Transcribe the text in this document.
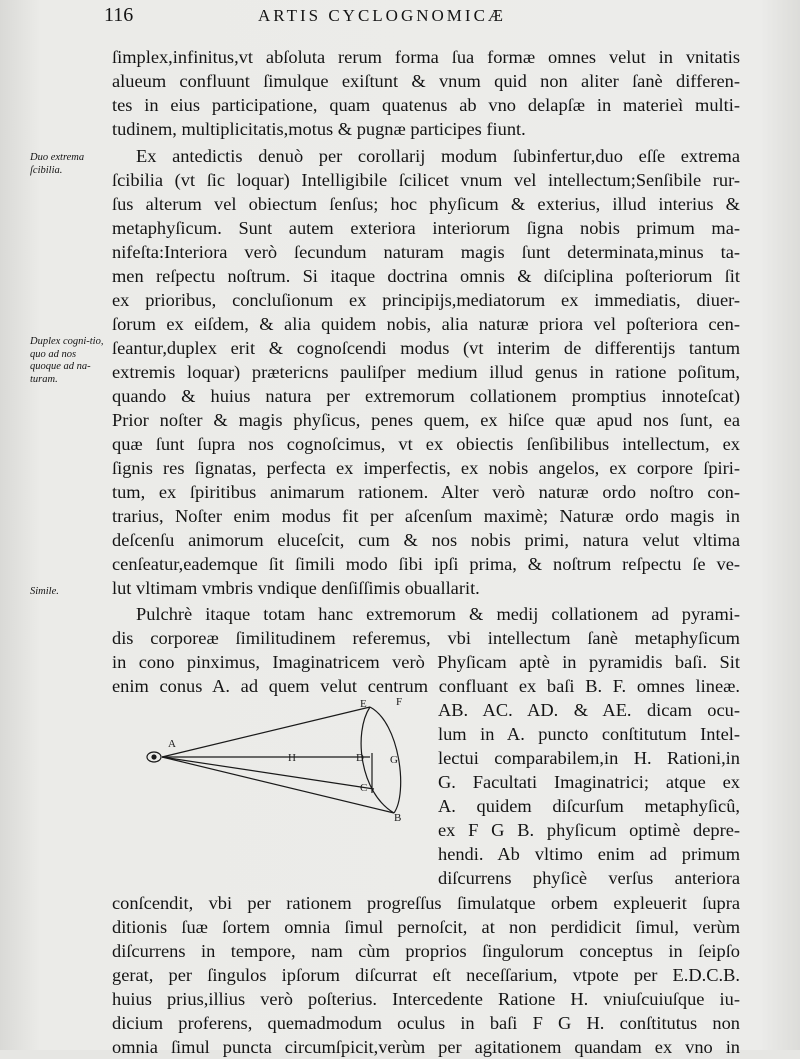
116	ARTIS CYCLOGNOMICÆ
Duo extrema ſcibilia.
Duplex cogni-tio, quo ad nos quoque ad na-turam.
Simile.
ſimplex,infinitus,vt abſoluta rerum forma ſua formæ omnes velut in vnitatis
alueum confluunt ſimulque exiſtunt & vnum quid non aliter ſanè differen-
tes in eius participatione, quam quatenus ab vno delapſæ in materieì multi-
tudinem, multiplicitatis,motus & pugnæ participes fiunt.
Ex antedictis denuò per corollarij modum ſubinfertur,duo eſſe extrema
ſcibilia (vt ſic loquar) Intelligibile ſcilicet vnum vel intellectum;Senſibile rur-
ſus alterum vel obiectum ſenſus; hoc phyſicum & exterius, illud interius &
metaphyſicum. Sunt autem exteriora interiorum ſigna nobis primum ma-
nifeſta:Interiora verò ſecundum naturam magis ſunt determinata,minus ta-
men reſpectu noſtrum. Si itaque doctrina omnis & diſciplina poſteriorum ſit
ex prioribus, concluſionum ex principijs,mediatorum ex immediatis, diuer-
ſorum ex eiſdem, & alia quidem nobis, alia naturæ priora vel poſteriora cen-
ſeantur,duplex erit & cognoſcendi modus (vt interim de differentijs tantum
extremis loquar) prætericns pauliſper medium illud genus in ratione poſitum,
quando & huius natura per extremorum collationem promptius innoteſcat)
Prior noſter & magis phyſicus, penes quem, ex hiſce quæ apud nos ſunt, ea
quæ ſunt ſupra nos cognoſcimus, vt ex obiectis ſenſibilibus intellectum, ex
ſignis res ſignatas, perfecta ex imperfectis, ex nobis angelos, ex corpore ſpiri-
tum, ex ſpiritibus animarum rationem. Alter verò naturæ ordo noſtro con-
trarius, Noſter enim modus fit per aſcenſum maximè; Naturæ ordo magis in
deſcenſu animorum eluceſcit, cum & nos nobis primi, natura velut vltima
cenſeatur,eademque ſit ſimili modo ſibi ipſi prima, & noſtrum reſpectu ſe ve-
lut vltimam vmbris vndique denſiſſimis obuallarit.
Pulchrè itaque totam hanc extremorum & medij collationem ad pyrami-
dis corporeæ ſimilitudinem referemus, vbi intellectum ſanè metaphyſicum
in cono pinximus, Imaginatricem verò Phyſicam aptè in pyramidis baſi. Sit
enim conus A. ad quem velut centrum confluant ex baſi B. F. omnes lineæ.
AB. AC. AD. & AE. dicam ocu-
lum in A. puncto conſtitutum Intel-
lectui comparabilem,in H. Rationi,in
G. Facultati Imaginatrici; atque ex
A. quidem diſcurſum metaphyſicû,
ex F G B. phyſicum optimè depre-
hendi. Ab vltimo enim ad primum
diſcurrens phyſicè verſus anteriora
conſcendit, vbi per rationem progreſſus ſimulatque orbem expleuerit ſupra
ditionis ſuæ ſortem omnia ſimul pernoſcit, at non perdidicit ſimul, verùm
diſcurrens in tempore, nam cùm proprios ſingulorum conceptus in ſeipſo
gerat, per ſingulos ipſorum diſcurrat eſt neceſſarium, vtpote per E.D.C.B.
huius prius,illius verò poſterius. Intercedente Ratione H. vniuſcuiuſque iu-
dicium proferens, quemadmodum oculus in baſi F G H. conſtitutus non
omnia ſimul puncta circumſpicit,verùm per agitationem quandam ex vno in
A
E	F
H	D G
C
B
